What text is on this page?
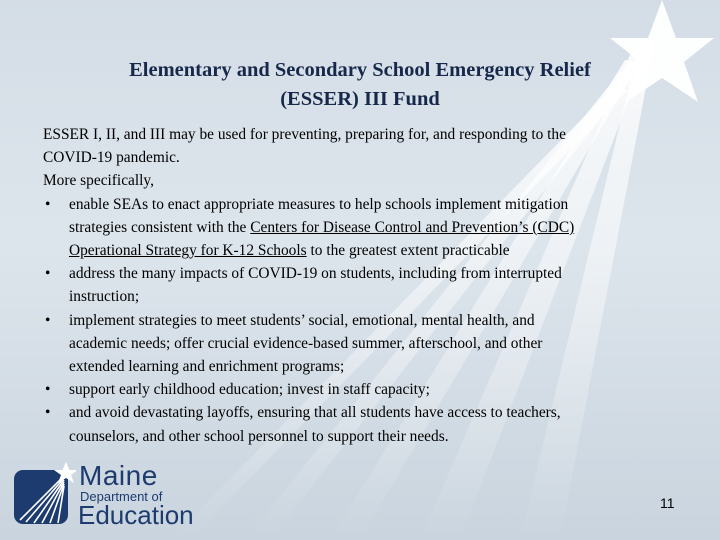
Elementary and Secondary School Emergency Relief
(ESSER) III Fund

ESSER I, II, and III may be used for preventing, preparing for, and responding to the

COVID-19 pandemic.

More specifically,

• enable SEAs to enact appropriate measures to help schools implement mitigation
strategies consistent with the Centers for Disease Control and Prevention’s (CDC)
Operational Strategy for K-12 Schools to the greatest extent practicable
• address the many impacts of COVID-19 on students, including from interrupted
instruction;
• implement strategies to meet students’ social, emotional, mental health, and
academic needs; offer crucial evidence-based summer, afterschool, and other
extended learning and enrichment programs;
• support early childhood education; invest in staff capacity;
• and avoid devastating layoffs, ensuring that all students have access to teachers,
counselors, and other school personnel to support their needs.
Maine
Department of
Education	11
